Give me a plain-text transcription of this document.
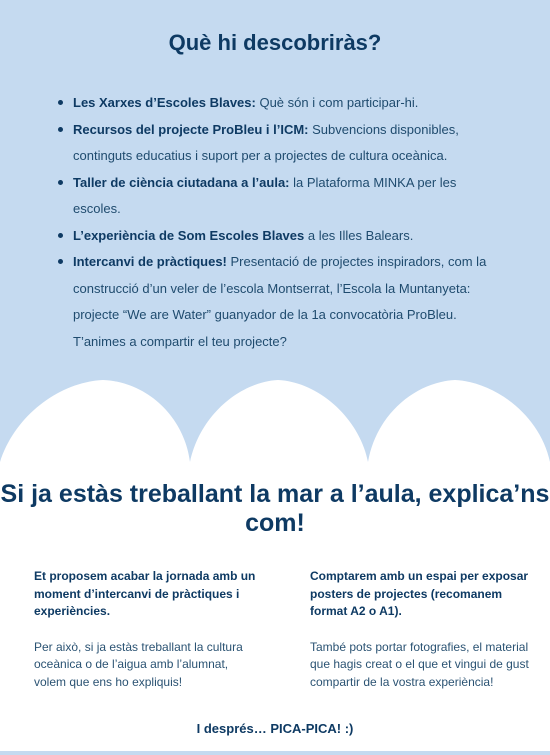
Què hi descobriràs?
Les Xarxes d’Escoles Blaves: Què són i com participar-hi.
Recursos del projecte ProBleu i l’ICM: Subvencions disponibles, continguts educatius i suport per a projectes de cultura oceànica.
Taller de ciència ciutadana a l’aula: la Plataforma MINKA per les escoles.
L’experiència de Som Escoles Blaves a les Illes Balears.
Intercanvi de pràctiques! Presentació de projectes inspiradors, com la construcció d’un veler de l’escola Montserrat, l’Escola la Muntanyeta: projecte “We are Water” guanyador de la 1a convocatòria ProBleu. T’animes a compartir el teu projecte?
Si ja estàs treballant la mar a l’aula, explica’ns com!

Et proposem acabar la jornada amb un moment d’intercanvi de pràctiques i experiències.

Per això, si ja estàs treballant la cultura oceànica o de l’aigua amb l’alumnat, volem que ens ho expliquis!

Comptarem amb un espai per exposar posters de projectes (recomanem format A2 o A1).

També pots portar fotografies, el material que hagis creat o el que et vingui de gust compartir de la vostra experiència!

I després… PICA-PICA! :)
